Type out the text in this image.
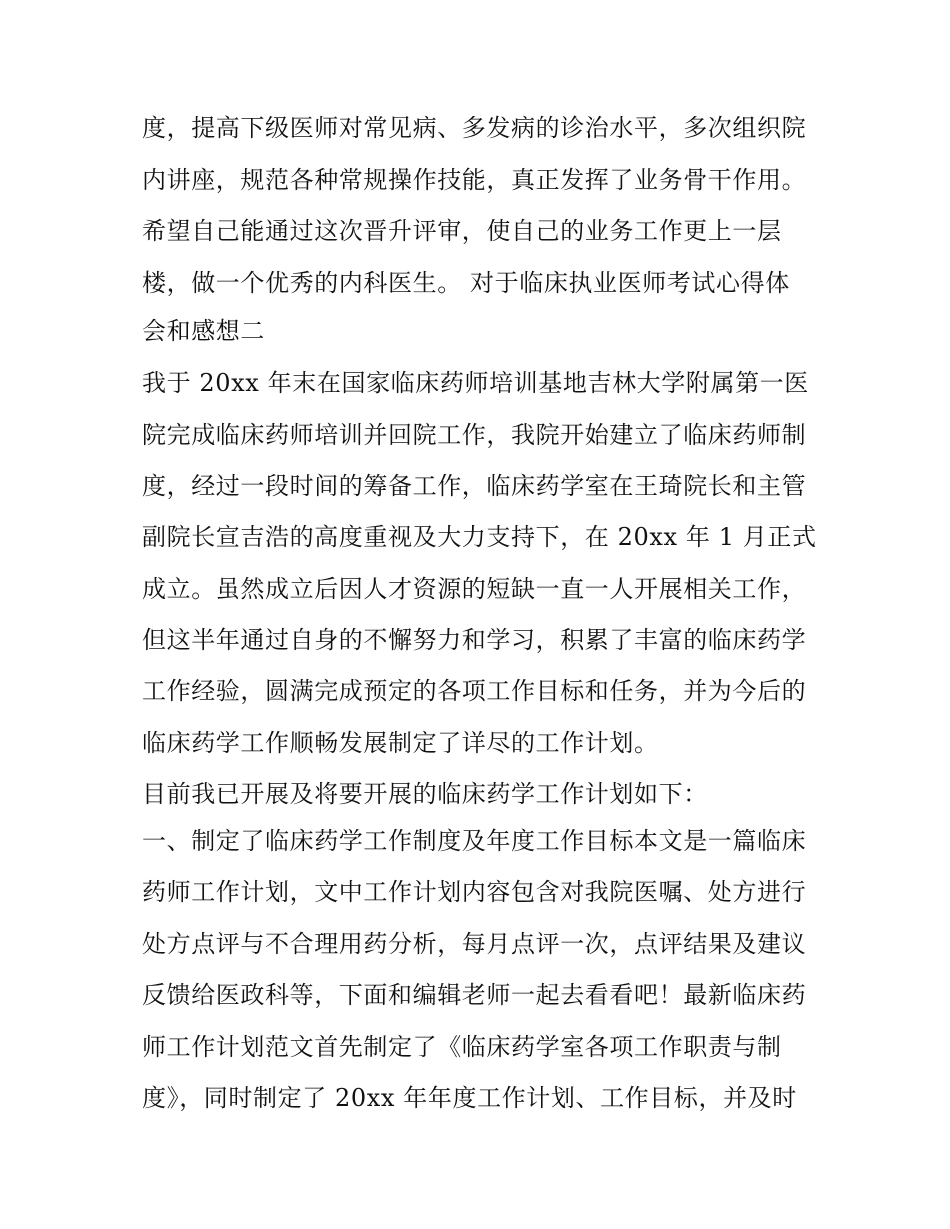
度，提高下级医师对常见病、多发病的诊治水平，多次组织院
内讲座，规范各种常规操作技能，真正发挥了业务骨干作用。
希望自己能通过这次晋升评审，使自己的业务工作更上一层
楼，做一个优秀的内科医生。 对于临床执业医师考试心得体
会和感想二
我于 20xx 年末在国家临床药师培训基地吉林大学附属第一医
院完成临床药师培训并回院工作，我院开始建立了临床药师制
度，经过一段时间的筹备工作，临床药学室在王琦院长和主管
副院长宣吉浩的高度重视及大力支持下，在 20xx 年 1 月正式
成立。虽然成立后因人才资源的短缺一直一人开展相关工作，
但这半年通过自身的不懈努力和学习，积累了丰富的临床药学
工作经验，圆满完成预定的各项工作目标和任务，并为今后的
临床药学工作顺畅发展制定了详尽的工作计划。
目前我已开展及将要开展的临床药学工作计划如下：
一、制定了临床药学工作制度及年度工作目标本文是一篇临床
药师工作计划，文中工作计划内容包含对我院医嘱、处方进行
处方点评与不合理用药分析，每月点评一次，点评结果及建议
反馈给医政科等，下面和编辑老师一起去看看吧！最新临床药
师工作计划范文首先制定了《临床药学室各项工作职责与制
度》，同时制定了 20xx 年年度工作计划、工作目标，并及时
